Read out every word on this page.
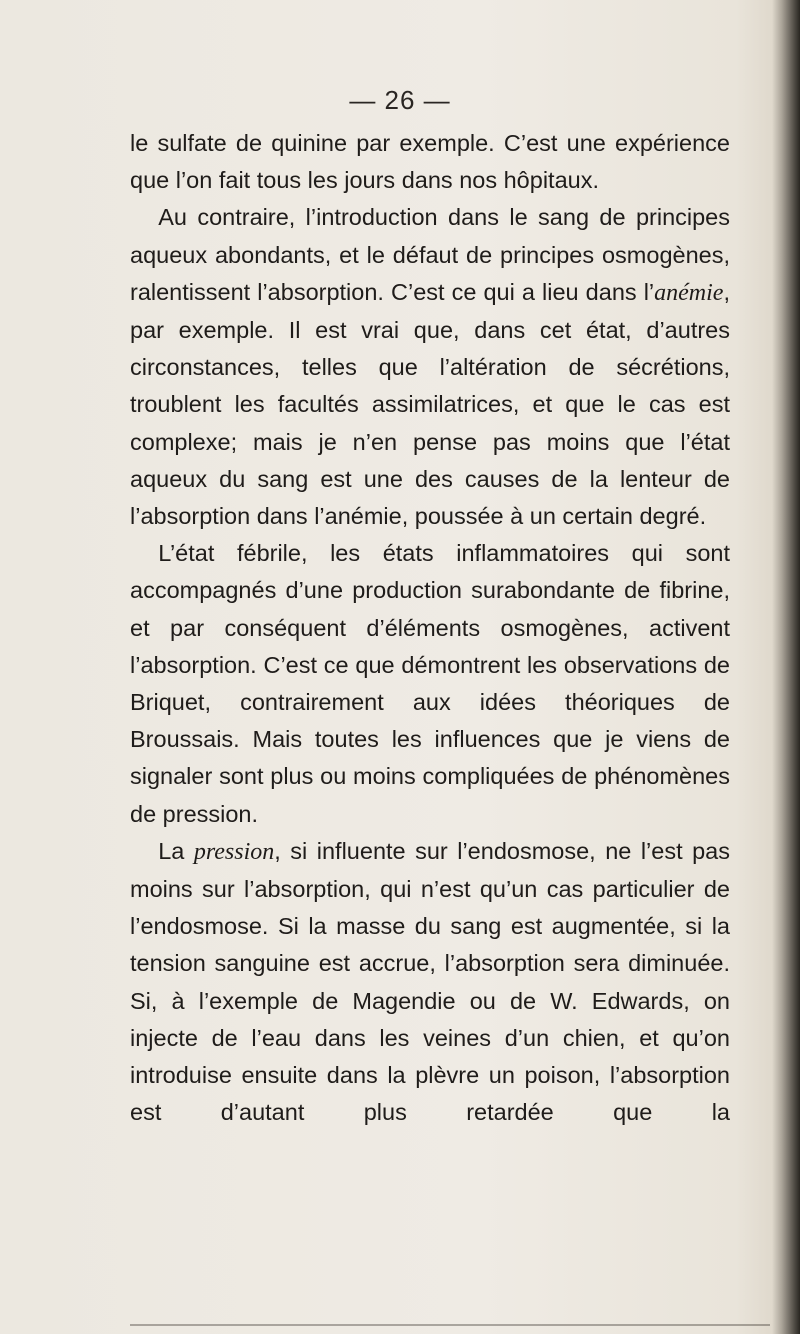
— 26 —

le sulfate de quinine par exemple. C’est une expérience que l’on fait tous les jours dans nos hôpitaux.

Au contraire, l’introduction dans le sang de principes aqueux abondants, et le défaut de principes osmogènes, ralentissent l’absorption. C’est ce qui a lieu dans l’anémie, par exemple. Il est vrai que, dans cet état, d’autres circonstances, telles que l’altération de sécrétions, troublent les facultés assimilatrices, et que le cas est complexe; mais je n’en pense pas moins que l’état aqueux du sang est une des causes de la lenteur de l’absorption dans l’anémie, poussée à un certain degré.

L’état fébrile, les états inflammatoires qui sont accompagnés d’une production surabondante de fibrine, et par conséquent d’éléments osmogènes, activent l’absorption. C’est ce que démontrent les observations de Briquet, contrairement aux idées théoriques de Broussais. Mais toutes les influences que je viens de signaler sont plus ou moins compliquées de phénomènes de pression.

La pression, si influente sur l’endosmose, ne l’est pas moins sur l’absorption, qui n’est qu’un cas particulier de l’endosmose. Si la masse du sang est augmentée, si la tension sanguine est accrue, l’absorption sera diminuée. Si, à l’exemple de Magendie ou de W. Edwards, on injecte de l’eau dans les veines d’un chien, et qu’on introduise ensuite dans la plèvre un poison, l’absorption est d’autant plus retardée que la
